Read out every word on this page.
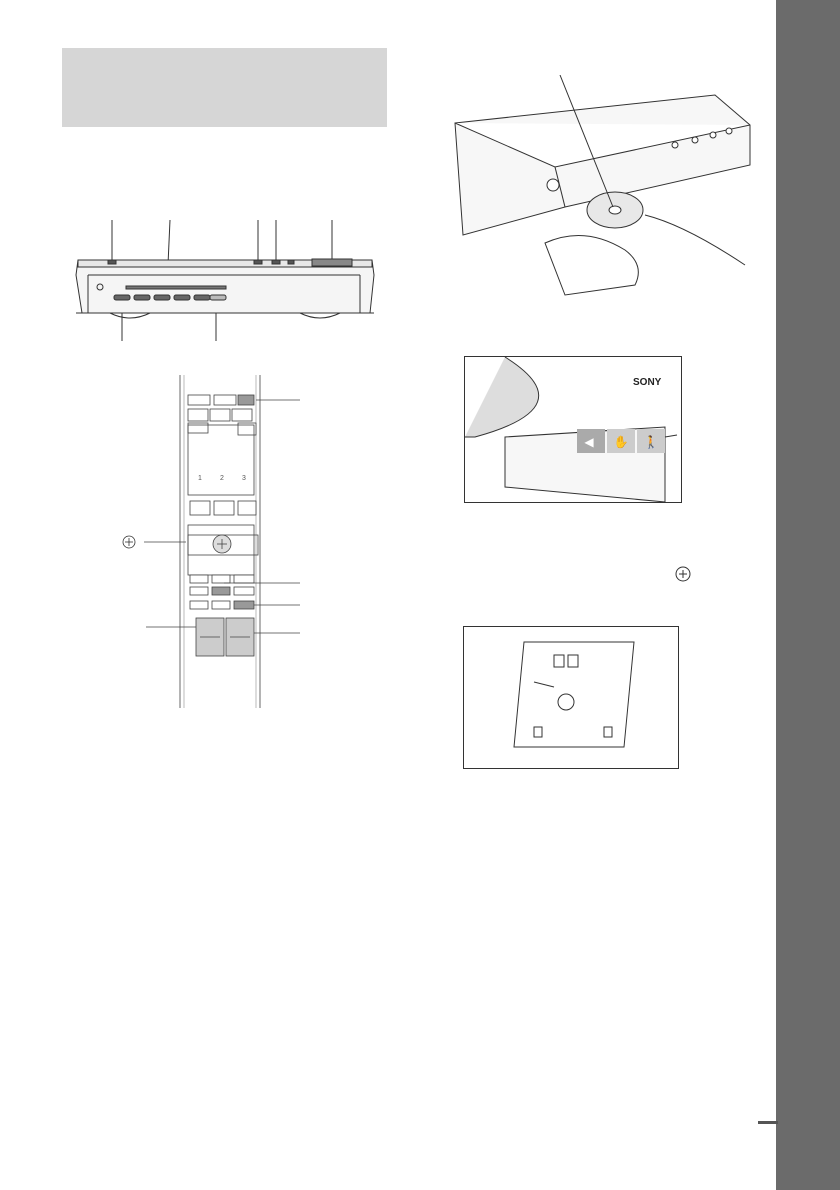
1	2	3
◀ ✋ 🚶
SONY
